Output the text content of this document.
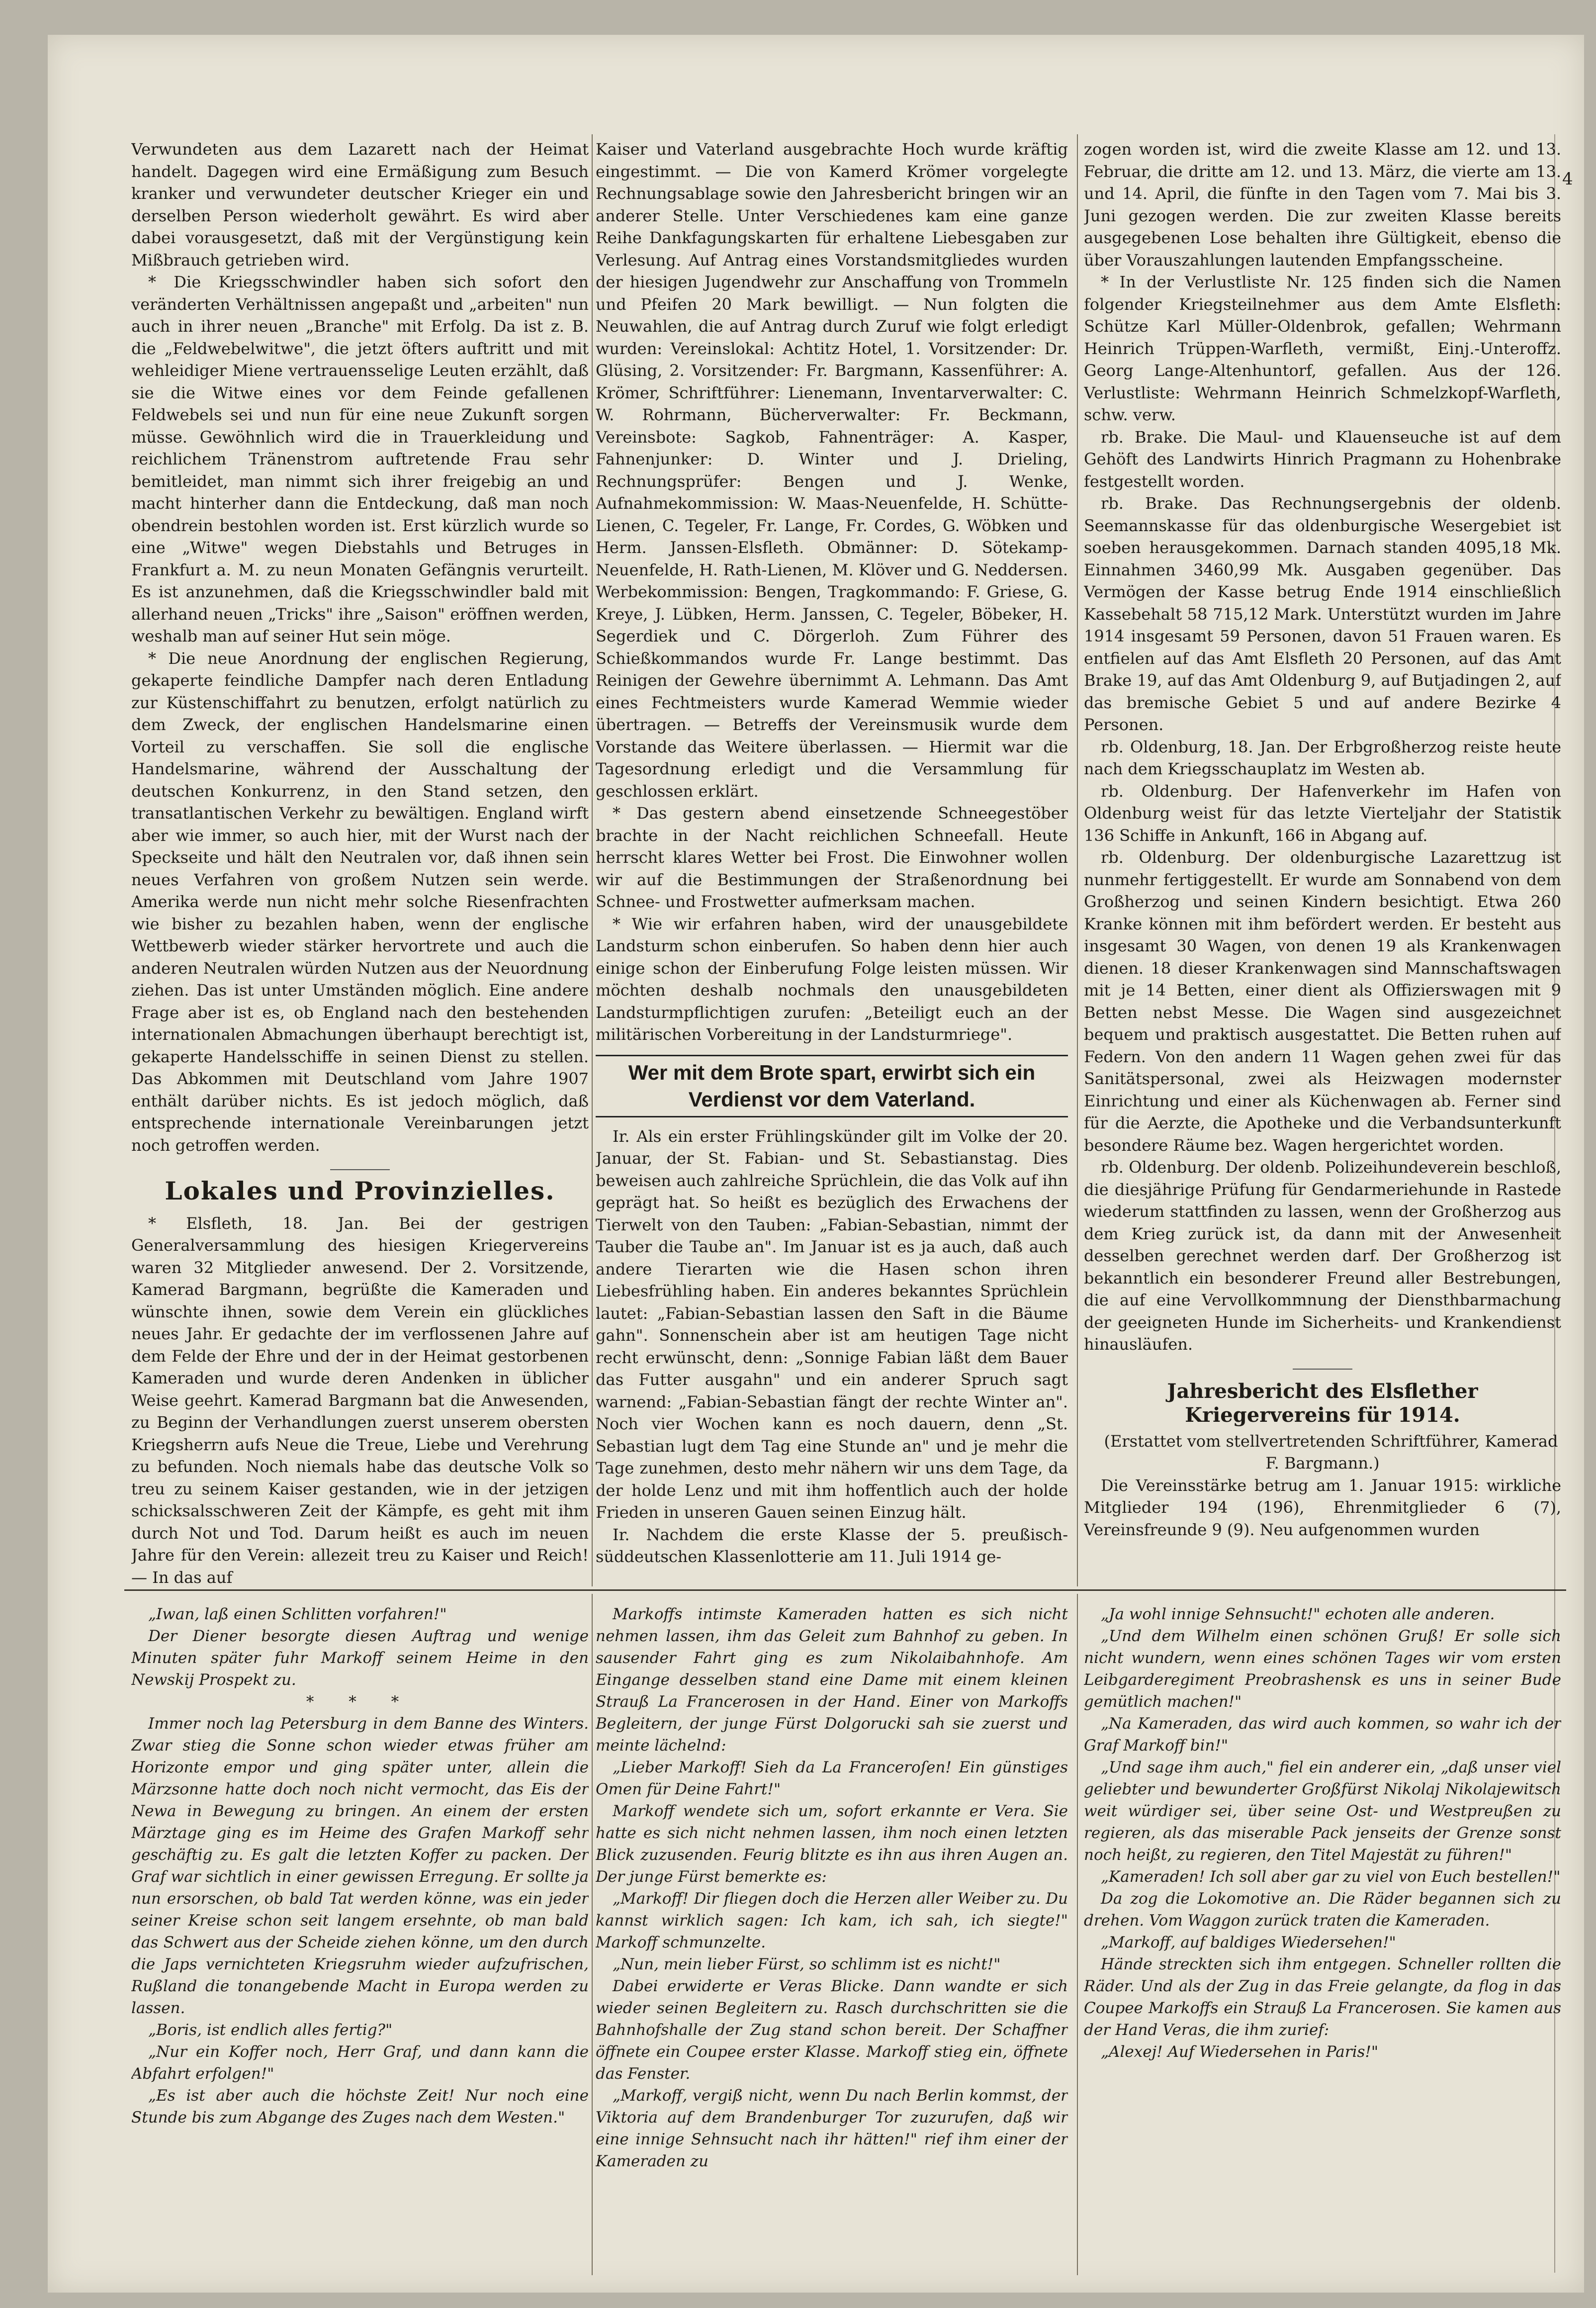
4

Verwundeten aus dem Lazarett nach der Heimat handelt. Dagegen wird eine Ermäßigung zum Besuch kranker und verwundeter deutscher Krieger ein und derselben Person wiederholt gewährt. Es wird aber dabei vorausgesetzt, daß mit der Vergünstigung kein Mißbrauch getrieben wird.

* Die Kriegsschwindler haben sich sofort den veränderten Verhältnissen angepaßt und „arbeiten" nun auch in ihrer neuen „Branche" mit Erfolg. Da ist z. B. die „Feldwebelwitwe", die jetzt öfters auftritt und mit wehleidiger Miene vertrauensselige Leuten erzählt, daß sie die Witwe eines vor dem Feinde gefallenen Feldwebels sei und nun für eine neue Zukunft sorgen müsse. Gewöhnlich wird die in Trauerkleidung und reichlichem Tränenstrom auftretende Frau sehr bemitleidet, man nimmt sich ihrer freigebig an und macht hinterher dann die Entdeckung, daß man noch obendrein bestohlen worden ist. Erst kürzlich wurde so eine „Witwe" wegen Diebstahls und Betruges in Frankfurt a. M. zu neun Monaten Gefängnis verurteilt. Es ist anzunehmen, daß die Kriegsschwindler bald mit allerhand neuen „Tricks" ihre „Saison" eröffnen werden, weshalb man auf seiner Hut sein möge.

* Die neue Anordnung der englischen Regierung, gekaperte feindliche Dampfer nach deren Entladung zur Küstenschiffahrt zu benutzen, erfolgt natürlich zu dem Zweck, der englischen Handelsmarine einen Vorteil zu verschaffen. Sie soll die englische Handelsmarine, während der Ausschaltung der deutschen Konkurrenz, in den Stand setzen, den transatlantischen Verkehr zu bewältigen. England wirft aber wie immer, so auch hier, mit der Wurst nach der Speckseite und hält den Neutralen vor, daß ihnen sein neues Verfahren von großem Nutzen sein werde. Amerika werde nun nicht mehr solche Riesenfrachten wie bisher zu bezahlen haben, wenn der englische Wettbewerb wieder stärker hervortrete und auch die anderen Neutralen würden Nutzen aus der Neuordnung ziehen. Das ist unter Umständen möglich. Eine andere Frage aber ist es, ob England nach den bestehenden internationalen Abmachungen überhaupt berechtigt ist, gekaperte Handelsschiffe in seinen Dienst zu stellen. Das Abkommen mit Deutschland vom Jahre 1907 enthält darüber nichts. Es ist jedoch möglich, daß entsprechende internationale Vereinbarungen jetzt noch getroffen werden.

Lokales und Provinzielles.

* Elsfleth, 18. Jan. Bei der gestrigen Generalversammlung des hiesigen Kriegervereins waren 32 Mitglieder anwesend. Der 2. Vorsitzende, Kamerad Bargmann, begrüßte die Kameraden und wünschte ihnen, sowie dem Verein ein glückliches neues Jahr. Er gedachte der im verflossenen Jahre auf dem Felde der Ehre und der in der Heimat gestorbenen Kameraden und wurde deren Andenken in üblicher Weise geehrt. Kamerad Bargmann bat die Anwesenden, zu Beginn der Verhandlungen zuerst unserem obersten Kriegsherrn aufs Neue die Treue, Liebe und Verehrung zu befunden. Noch niemals habe das deutsche Volk so treu zu seinem Kaiser gestanden, wie in der jetzigen schicksalsschweren Zeit der Kämpfe, es geht mit ihm durch Not und Tod. Darum heißt es auch im neuen Jahre für den Verein: allezeit treu zu Kaiser und Reich! — In das auf

Kaiser und Vaterland ausgebrachte Hoch wurde kräftig eingestimmt. — Die von Kamerd Krömer vorgelegte Rechnungsablage sowie den Jahresbericht bringen wir an anderer Stelle. Unter Verschiedenes kam eine ganze Reihe Dankfagungskarten für erhaltene Liebesgaben zur Verlesung. Auf Antrag eines Vorstandsmitgliedes wurden der hiesigen Jugendwehr zur Anschaffung von Trommeln und Pfeifen 20 Mark bewilligt. — Nun folgten die Neuwahlen, die auf Antrag durch Zuruf wie folgt erledigt wurden: Vereinslokal: Achtitz Hotel, 1. Vorsitzender: Dr. Glüsing, 2. Vorsitzender: Fr. Bargmann, Kassenführer: A. Krömer, Schriftführer: Lienemann, Inventarverwalter: C. W. Rohrmann, Bücherverwalter: Fr. Beckmann, Vereinsbote: Sagkob, Fahnenträger: A. Kasper, Fahnenjunker: D. Winter und J. Drieling, Rechnungsprüfer: Bengen und J. Wenke, Aufnahmekommission: W. Maas-Neuenfelde, H. Schütte-Lienen, C. Tegeler, Fr. Lange, Fr. Cordes, G. Wöbken und Herm. Janssen-Elsfleth. Obmänner: D. Sötekamp-Neuenfelde, H. Rath-Lienen, M. Klöver und G. Neddersen. Werbekommission: Bengen, Tragkommando: F. Griese, G. Kreye, J. Lübken, Herm. Janssen, C. Tegeler, Böbeker, H. Segerdiek und C. Dörgerloh. Zum Führer des Schießkommandos wurde Fr. Lange bestimmt. Das Reinigen der Gewehre übernimmt A. Lehmann. Das Amt eines Fechtmeisters wurde Kamerad Wemmie wieder übertragen. — Betreffs der Vereinsmusik wurde dem Vorstande das Weitere überlassen. — Hiermit war die Tagesordnung erledigt und die Versammlung für geschlossen erklärt.

* Das gestern abend einsetzende Schneegestöber brachte in der Nacht reichlichen Schneefall. Heute herrscht klares Wetter bei Frost. Die Einwohner wollen wir auf die Bestimmungen der Straßenordnung bei Schnee- und Frostwetter aufmerksam machen.

* Wie wir erfahren haben, wird der unausgebildete Landsturm schon einberufen. So haben denn hier auch einige schon der Einberufung Folge leisten müssen. Wir möchten deshalb nochmals den unausgebildeten Landsturmpflichtigen zurufen: „Beteiligt euch an der militärischen Vorbereitung in der Landsturmriege".

Wer mit dem Brote spart, erwirbt sich ein Verdienst vor dem Vaterland.

Ir. Als ein erster Frühlingskünder gilt im Volke der 20. Januar, der St. Fabian- und St. Sebastianstag. Dies beweisen auch zahlreiche Sprüchlein, die das Volk auf ihn geprägt hat. So heißt es bezüglich des Erwachens der Tierwelt von den Tauben: „Fabian-Sebastian, nimmt der Tauber die Taube an". Im Januar ist es ja auch, daß auch andere Tierarten wie die Hasen schon ihren Liebesfrühling haben. Ein anderes bekanntes Sprüchlein lautet: „Fabian-Sebastian lassen den Saft in die Bäume gahn". Sonnenschein aber ist am heutigen Tage nicht recht erwünscht, denn: „Sonnige Fabian läßt dem Bauer das Futter ausgahn" und ein anderer Spruch sagt warnend: „Fabian-Sebastian fängt der rechte Winter an". Noch vier Wochen kann es noch dauern, denn „St. Sebastian lugt dem Tag eine Stunde an" und je mehr die Tage zunehmen, desto mehr nähern wir uns dem Tage, da der holde Lenz und mit ihm hoffentlich auch der holde Frieden in unseren Gauen seinen Einzug hält.

Ir. Nachdem die erste Klasse der 5. preußisch-süddeutschen Klassenlotterie am 11. Juli 1914 ge-

zogen worden ist, wird die zweite Klasse am 12. und 13. Februar, die dritte am 12. und 13. März, die vierte am 13. und 14. April, die fünfte in den Tagen vom 7. Mai bis 3. Juni gezogen werden. Die zur zweiten Klasse bereits ausgegebenen Lose behalten ihre Gültigkeit, ebenso die über Vorauszahlungen lautenden Empfangsscheine.

* In der Verlustliste Nr. 125 finden sich die Namen folgender Kriegsteilnehmer aus dem Amte Elsfleth: Schütze Karl Müller-Oldenbrok, gefallen; Wehrmann Heinrich Trüppen-Warfleth, vermißt, Einj.-Unteroffz. Georg Lange-Altenhuntorf, gefallen. Aus der 126. Verlustliste: Wehrmann Heinrich Schmelzkopf-Warfleth, schw. verw.

rb. Brake. Die Maul- und Klauenseuche ist auf dem Gehöft des Landwirts Hinrich Pragmann zu Hohenbrake festgestellt worden.

rb. Brake. Das Rechnungsergebnis der oldenb. Seemannskasse für das oldenburgische Wesergebiet ist soeben herausgekommen. Darnach standen 4095,18 Mk. Einnahmen 3460,99 Mk. Ausgaben gegenüber. Das Vermögen der Kasse betrug Ende 1914 einschließlich Kassebehalt 58 715,12 Mark. Unterstützt wurden im Jahre 1914 insgesamt 59 Personen, davon 51 Frauen waren. Es entfielen auf das Amt Elsfleth 20 Personen, auf das Amt Brake 19, auf das Amt Oldenburg 9, auf Butjadingen 2, auf das bremische Gebiet 5 und auf andere Bezirke 4 Personen.

rb. Oldenburg, 18. Jan. Der Erbgroßherzog reiste heute nach dem Kriegsschauplatz im Westen ab.

rb. Oldenburg. Der Hafenverkehr im Hafen von Oldenburg weist für das letzte Vierteljahr der Statistik 136 Schiffe in Ankunft, 166 in Abgang auf.

rb. Oldenburg. Der oldenburgische Lazarettzug ist nunmehr fertiggestellt. Er wurde am Sonnabend von dem Großherzog und seinen Kindern besichtigt. Etwa 260 Kranke können mit ihm befördert werden. Er besteht aus insgesamt 30 Wagen, von denen 19 als Krankenwagen dienen. 18 dieser Krankenwagen sind Mannschaftswagen mit je 14 Betten, einer dient als Offizierswagen mit 9 Betten nebst Messe. Die Wagen sind ausgezeichnet bequem und praktisch ausgestattet. Die Betten ruhen auf Federn. Von den andern 11 Wagen gehen zwei für das Sanitätspersonal, zwei als Heizwagen modernster Einrichtung und einer als Küchenwagen ab. Ferner sind für die Aerzte, die Apotheke und die Verbandsunterkunft besondere Räume bez. Wagen hergerichtet worden.

rb. Oldenburg. Der oldenb. Polizeihundeverein beschloß, die diesjährige Prüfung für Gendarmeriehunde in Rastede wiederum stattfinden zu lassen, wenn der Großherzog aus dem Krieg zurück ist, da dann mit der Anwesenheit desselben gerechnet werden darf. Der Großherzog ist bekanntlich ein besonderer Freund aller Bestrebungen, die auf eine Vervollkommnung der Diensthbarmachung der geeigneten Hunde im Sicherheits- und Krankendienst hinausläufen.

Jahresbericht des Elsflether Kriegervereins für 1914.

(Erstattet vom stellvertretenden Schriftführer, Kamerad F. Bargmann.)

Die Vereinsstärke betrug am 1. Januar 1915: wirkliche Mitglieder 194 (196), Ehrenmitglieder 6 (7), Vereinsfreunde 9 (9). Neu aufgenommen wurden

„Iwan, laß einen Schlitten vorfahren!"

Der Diener besorgte diesen Auftrag und wenige Minuten später fuhr Markoff seinem Heime in den Newskij Prospekt zu.

* * *

Immer noch lag Petersburg in dem Banne des Winters. Zwar stieg die Sonne schon wieder etwas früher am Horizonte empor und ging später unter, allein die Märzsonne hatte doch noch nicht vermocht, das Eis der Newa in Bewegung zu bringen. An einem der ersten Märztage ging es im Heime des Grafen Markoff sehr geschäftig zu. Es galt die letzten Koffer zu packen. Der Graf war sichtlich in einer gewissen Erregung. Er sollte ja nun ersorschen, ob bald Tat werden könne, was ein jeder seiner Kreise schon seit langem ersehnte, ob man bald das Schwert aus der Scheide ziehen könne, um den durch die Japs vernichteten Kriegsruhm wieder aufzufrischen, Rußland die tonangebende Macht in Europa werden zu lassen.

„Boris, ist endlich alles fertig?"

„Nur ein Koffer noch, Herr Graf, und dann kann die Abfahrt erfolgen!"

„Es ist aber auch die höchste Zeit! Nur noch eine Stunde bis zum Abgange des Zuges nach dem Westen."

Markoffs intimste Kameraden hatten es sich nicht nehmen lassen, ihm das Geleit zum Bahnhof zu geben. In sausender Fahrt ging es zum Nikolaibahnhofe. Am Eingange desselben stand eine Dame mit einem kleinen Strauß La Francerosen in der Hand. Einer von Markoffs Begleitern, der junge Fürst Dolgorucki sah sie zuerst und meinte lächelnd:

„Lieber Markoff! Sieh da La Franceroſen! Ein günstiges Omen für Deine Fahrt!"

Markoff wendete sich um, sofort erkannte er Vera. Sie hatte es sich nicht nehmen lassen, ihm noch einen letzten Blick zuzusenden. Feurig blitzte es ihn aus ihren Augen an. Der junge Fürst bemerkte es:

„Markoff! Dir fliegen doch die Herzen aller Weiber zu. Du kannst wirklich sagen: Ich kam, ich sah, ich siegte!" Markoff schmunzelte.

„Nun, mein lieber Fürst, so schlimm ist es nicht!"

Dabei erwiderte er Veras Blicke. Dann wandte er sich wieder seinen Begleitern zu. Rasch durchschritten sie die Bahnhofshalle der Zug stand schon bereit. Der Schaffner öffnete ein Coupee erster Klasse. Markoff stieg ein, öffnete das Fenster.

„Markoff, vergiß nicht, wenn Du nach Berlin kommst, der Viktoria auf dem Brandenburger Tor zuzurufen, daß wir eine innige Sehnsucht nach ihr hätten!" rief ihm einer der Kameraden zu

„Ja wohl innige Sehnsucht!" echoten alle anderen.

„Und dem Wilhelm einen schönen Gruß! Er solle sich nicht wundern, wenn eines schönen Tages wir vom ersten Leibgarderegiment Preobrashensk es uns in seiner Bude gemütlich machen!"

„Na Kameraden, das wird auch kommen, so wahr ich der Graf Markoff bin!"

„Und sage ihm auch," fiel ein anderer ein, „daß unser viel geliebter und bewunderter Großfürst Nikolaj Nikolajewitsch weit würdiger sei, über seine Ost- und Westpreußen zu regieren, als das miserable Pack jenseits der Grenze sonst noch heißt, zu regieren, den Titel Majestät zu führen!"

„Kameraden! Ich soll aber gar zu viel von Euch bestellen!"

Da zog die Lokomotive an. Die Räder begannen sich zu drehen. Vom Waggon zurück traten die Kameraden.

„Markoff, auf baldiges Wiedersehen!"

Hände streckten sich ihm entgegen. Schneller rollten die Räder. Und als der Zug in das Freie gelangte, da flog in das Coupee Markoffs ein Strauß La Francerosen. Sie kamen aus der Hand Veras, die ihm zurief:

„Alexej! Auf Wiedersehen in Paris!"
